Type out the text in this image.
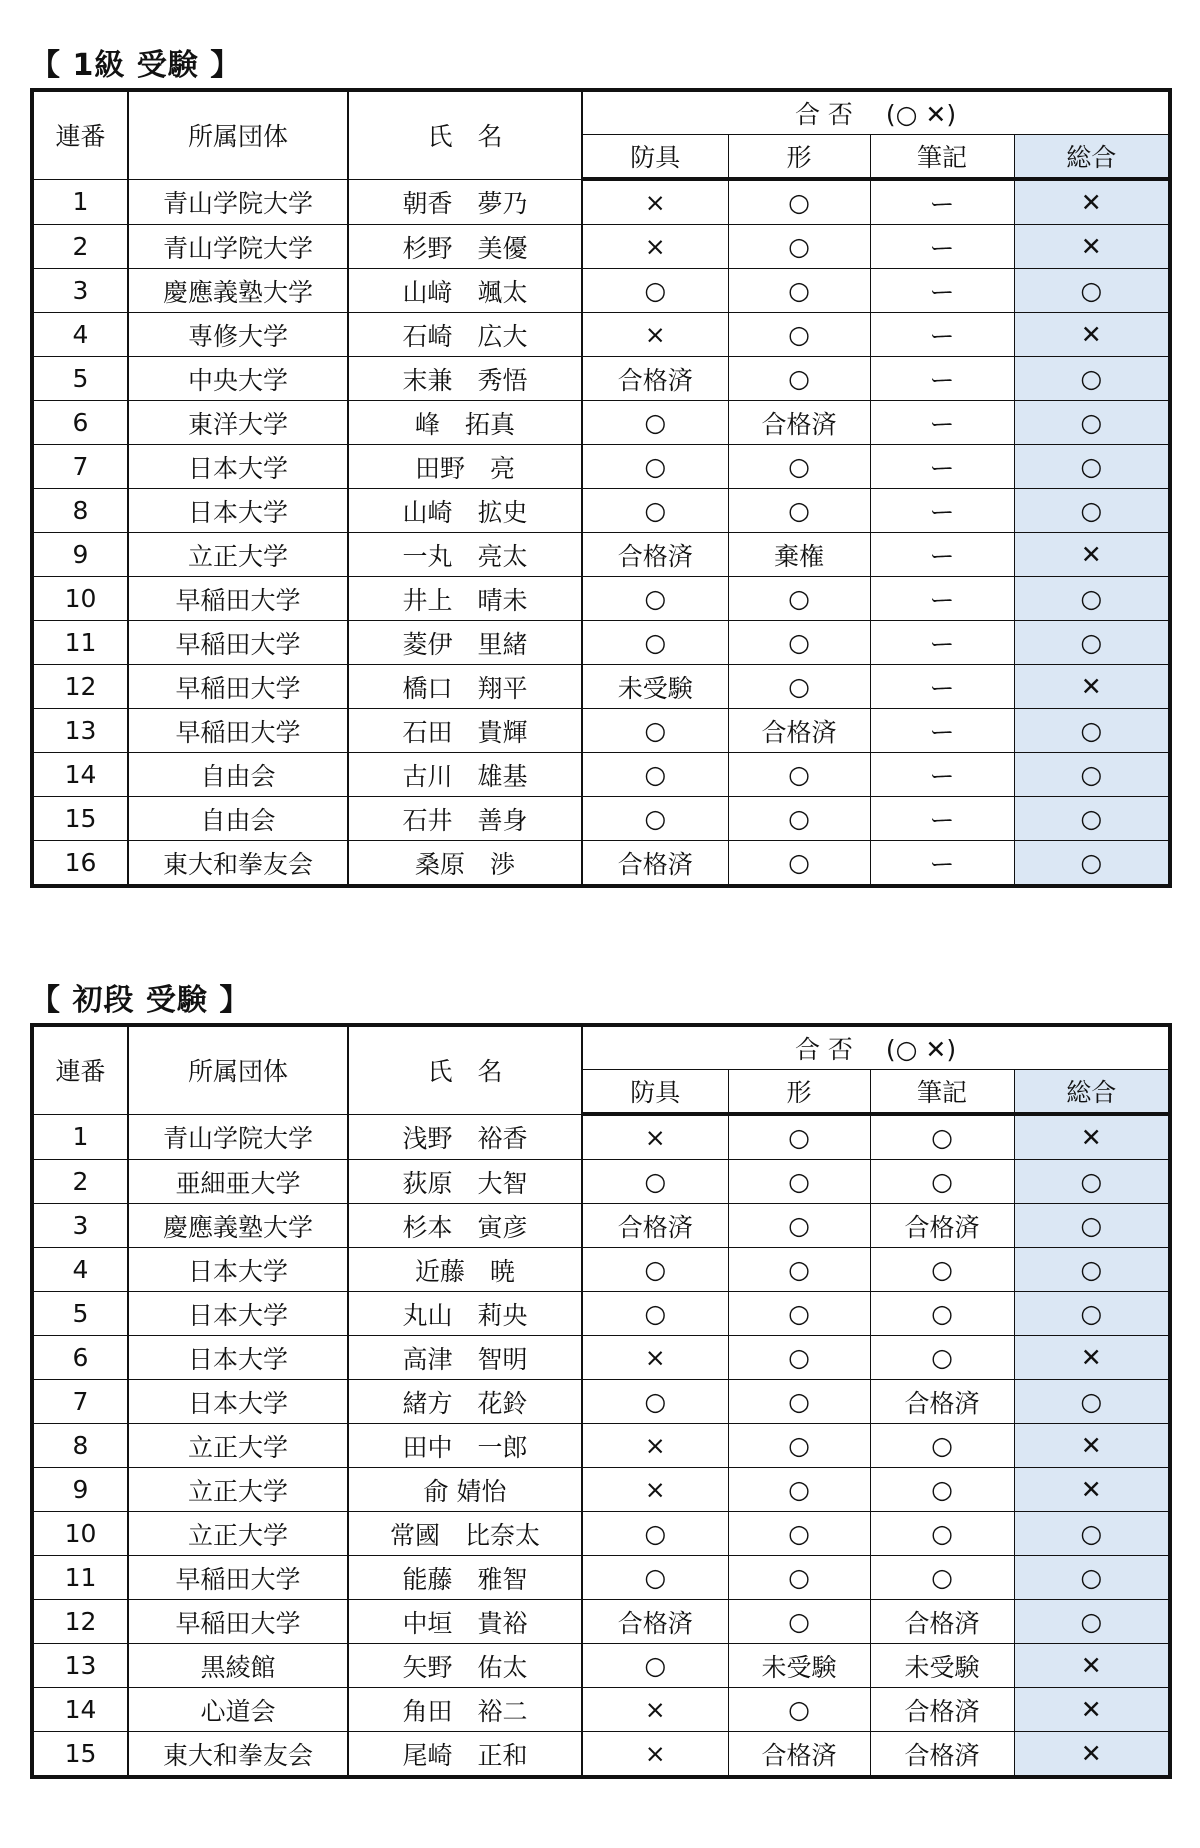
【 1級 受験 】
連番	所属団体	氏　名	合 否　 (○ ✕)			
			防具	形	筆記	総合
1	青山学院大学	朝香　夢乃	×	○	ー	✕
2	青山学院大学	杉野　美優	×	○	ー	✕
3	慶應義塾大学	山﨑　颯太	○	○	ー	○
4	専修大学	石崎　広大	×	○	ー	✕
5	中央大学	末兼　秀悟	合格済	○	ー	○
6	東洋大学	峰　拓真	○	合格済	ー	○
7	日本大学	田野　亮	○	○	ー	○
8	日本大学	山崎　拡史	○	○	ー	○
9	立正大学	一丸　亮太	合格済	棄権	ー	✕
10	早稲田大学	井上　晴未	○	○	ー	○
11	早稲田大学	菱伊　里緒	○	○	ー	○
12	早稲田大学	橋口　翔平	未受験	○	ー	✕
13	早稲田大学	石田　貴輝	○	合格済	ー	○
14	自由会	古川　雄基	○	○	ー	○
15	自由会	石井　善身	○	○	ー	○
16	東大和拳友会	桑原　渉	合格済	○	ー	○
【 初段 受験 】
連番	所属団体	氏　名	合 否　 (○ ✕)			
			防具	形	筆記	総合
1	青山学院大学	浅野　裕香	×	○	○	✕
2	亜細亜大学	荻原　大智	○	○	○	○
3	慶應義塾大学	杉本　寅彦	合格済	○	合格済	○
4	日本大学	近藤　暁	○	○	○	○
5	日本大学	丸山　莉央	○	○	○	○
6	日本大学	高津　智明	×	○	○	✕
7	日本大学	緒方　花鈴	○	○	合格済	○
8	立正大学	田中　一郎	×	○	○	✕
9	立正大学	俞 婧怡	×	○	○	✕
10	立正大学	常國　比奈太	○	○	○	○
11	早稲田大学	能藤　雅智	○	○	○	○
12	早稲田大学	中垣　貴裕	合格済	○	合格済	○
13	黒綾館	矢野　佑太	○	未受験	未受験	✕
14	心道会	角田　裕二	×	○	合格済	✕
15	東大和拳友会	尾崎　正和	×	合格済	合格済	✕
